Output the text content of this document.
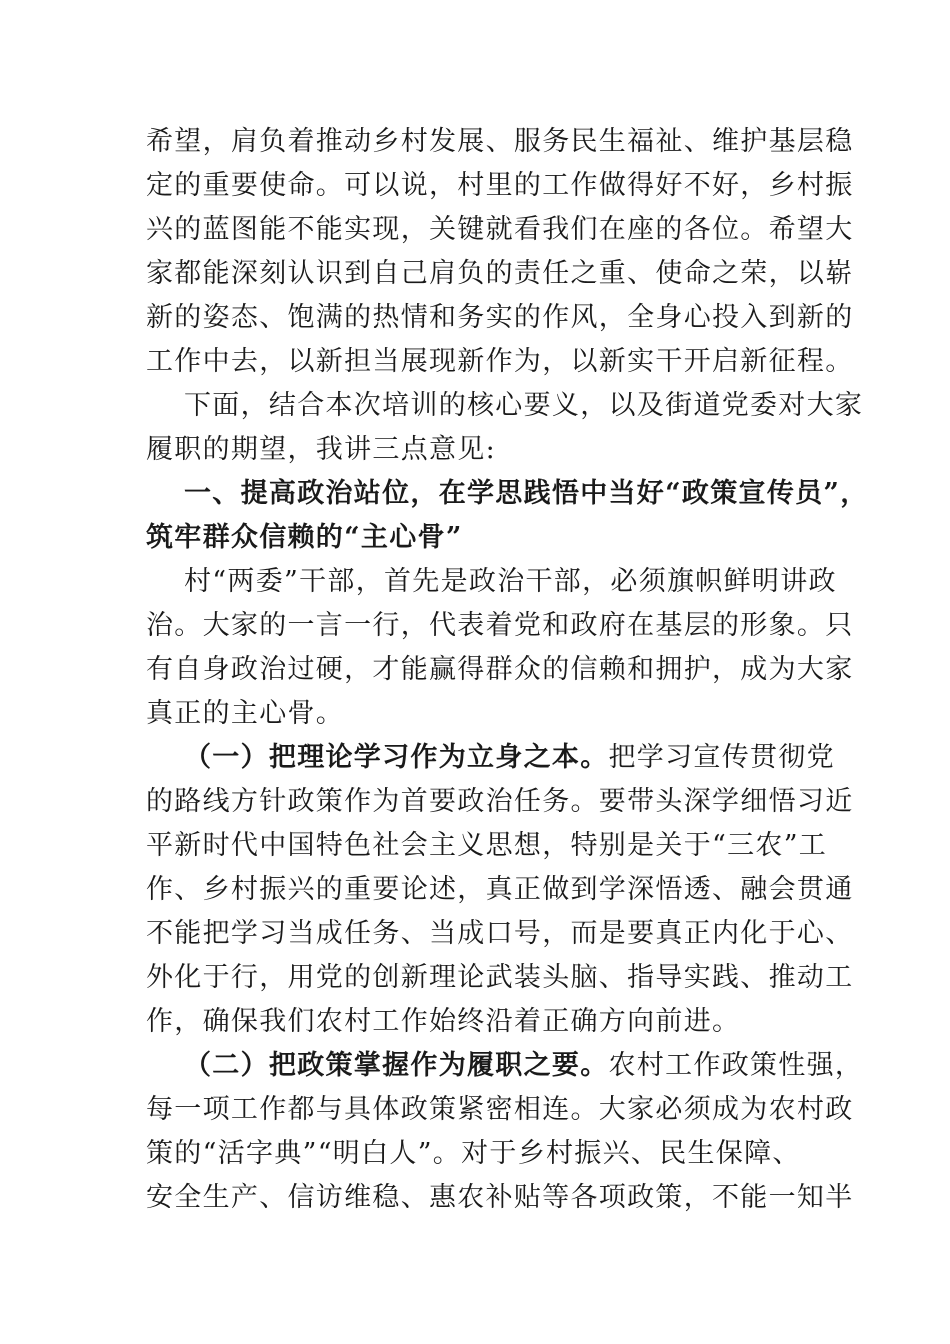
希望，肩负着推动乡村发展、服务民生福祉、维护基层稳
定的重要使命。可以说，村里的工作做得好不好，乡村振
兴的蓝图能不能实现，关键就看我们在座的各位。希望大
家都能深刻认识到自己肩负的责任之重、使命之荣，以崭
新的姿态、饱满的热情和务实的作风，全身心投入到新的
工作中去，以新担当展现新作为，以新实干开启新征程。
下面，结合本次培训的核心要义，以及街道党委对大家
履职的期望，我讲三点意见:
一、提高政治站位，在学思践悟中当好“政策宣传员”，
筑牢群众信赖的“主心骨”
村“两委”干部，首先是政治干部，必须旗帜鲜明讲政
治。大家的一言一行，代表着党和政府在基层的形象。只
有自身政治过硬，才能赢得群众的信赖和拥护，成为大家
真正的主心骨。
（一）把理论学习作为立身之本。把学习宣传贯彻党
的路线方针政策作为首要政治任务。要带头深学细悟习近
平新时代中国特色社会主义思想，特别是关于“三农”工
作、乡村振兴的重要论述，真正做到学深悟透、融会贯通
不能把学习当成任务、当成口号，而是要真正内化于心、
外化于行，用党的创新理论武装头脑、指导实践、推动工
作，确保我们农村工作始终沿着正确方向前进。
（二）把政策掌握作为履职之要。农村工作政策性强，
每一项工作都与具体政策紧密相连。大家必须成为农村政
策的“活字典”“明白人”。对于乡村振兴、民生保障、
安全生产、信访维稳、惠农补贴等各项政策，不能一知半
